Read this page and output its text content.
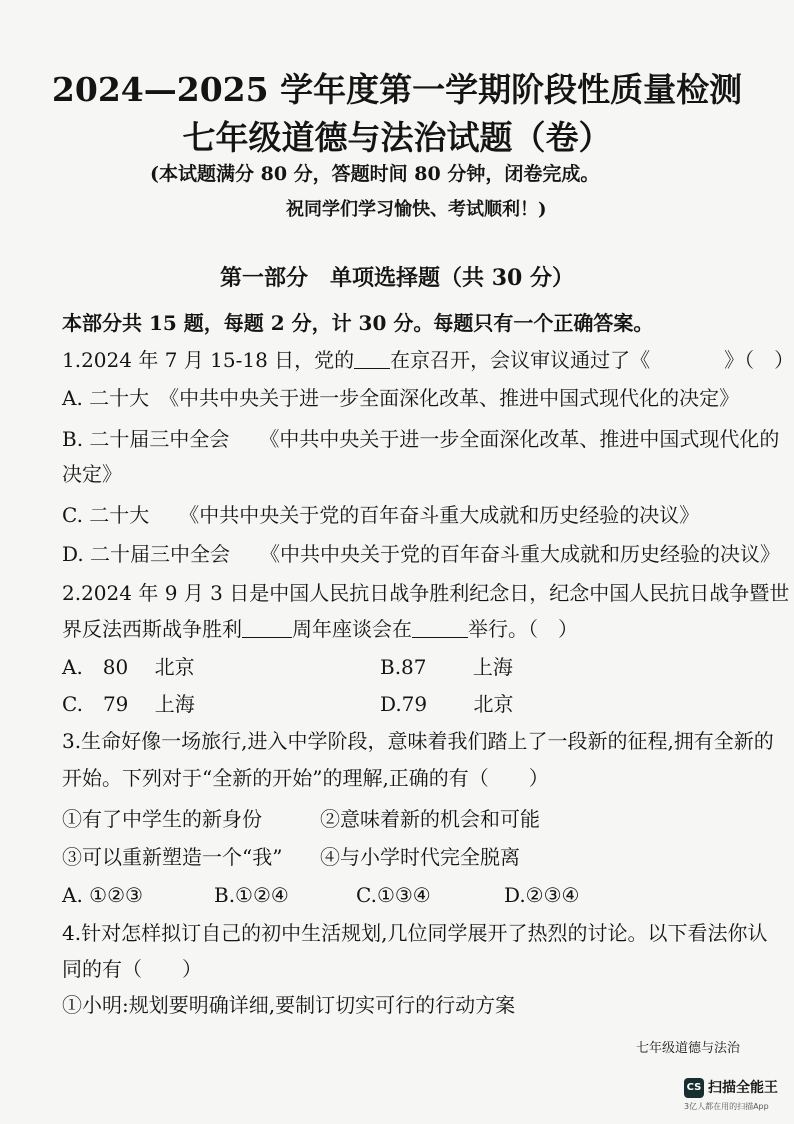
2024—2025 学年度第一学期阶段性质量检测
七年级道德与法治试题（卷）
(本试题满分 80 分，答题时间 80 分钟，闭卷完成。
祝同学们学习愉快、考试顺利！)
第一部分　单项选择题（共 30 分）
本部分共 15 题，每题 2 分，计 30 分。每题只有一个正确答案。
1.2024 年 7 月 15-18 日，党的 在京召开，会议审议通过了《	》（　）
A. 二十大　《中共中央关于进一步全面深化改革、推进中国式现代化的决定》
B. 二十届三中全会　　《中共中央关于进一步全面深化改革、推进中国式现代化的
决定》
C. 二十大　　《中共中央关于党的百年奋斗重大成就和历史经验的决议》
D. 二十届三中全会　　《中共中央关于党的百年奋斗重大成就和历史经验的决议》
2.2024 年 9 月 3 日是中国人民抗日战争胜利纪念日，纪念中国人民抗日战争暨世
界反法西斯战争胜利	周年座谈会在	举行。（　）
A.　80　 北京	B.87　　 上海
C.　79　 上海	D.79　　 北京
3.生命好像一场旅行,进入中学阶段，意味着我们踏上了一段新的征程,拥有全新的
开始。下列对于“全新的开始”的理解,正确的有（　　）
①有了中学生的新身份	②意味着新的机会和可能
③可以重新塑造一个“我” ④与小学时代完全脱离
A. ①②③	B.①②④	C.①③④	D.②③④
4.针对怎样拟订自己的初中生活规划,几位同学展开了热烈的讨论。以下看法你认
同的有（　　）
①小明:规划要明确详细,要制订切实可行的行动方案
七年级道德与法治
CS 扫描全能王
3亿人都在用的扫描App
